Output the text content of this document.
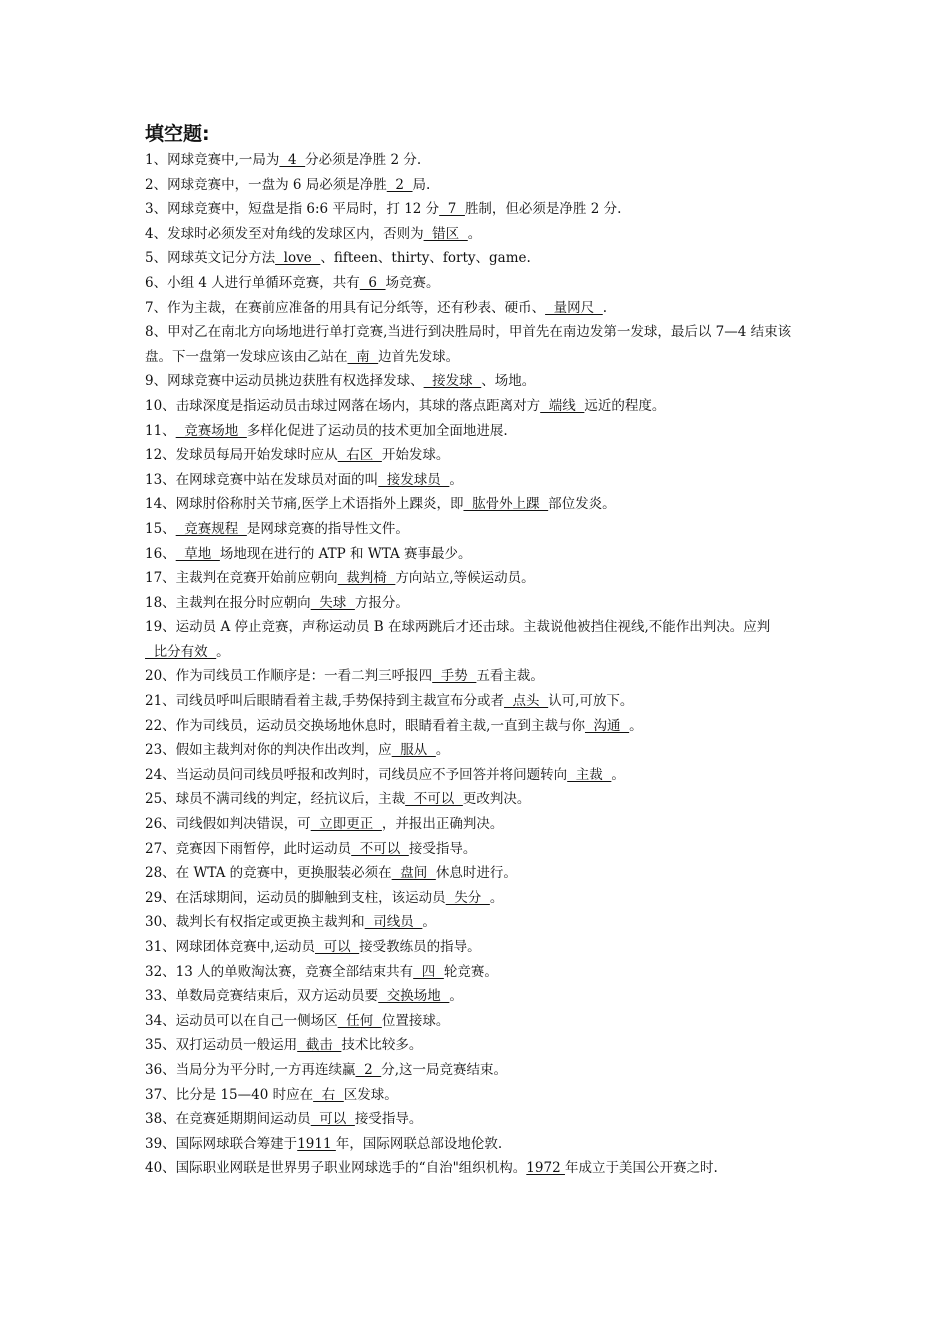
填空题:
1、网球竞赛中,一局为  4  分必须是净胜 2 分.
2、网球竞赛中，一盘为 6 局必须是净胜  2  局.
3、网球竞赛中，短盘是指 6:6 平局时，打 12 分  7  胜制，但必须是净胜 2 分.
4、发球时必须发至对角线的发球区内，否则为  错区  。
5、网球英文记分方法  love  、fifteen、thirty、forty、game.
6、小组 4 人进行单循环竞赛，共有  6  场竞赛。
7、作为主裁，在赛前应准备的用具有记分纸等，还有秒表、硬币、  量网尺  .
8、甲对乙在南北方向场地进行单打竞赛,当进行到决胜局时，甲首先在南边发第一发球，最后以 7—4 结束该盘。下一盘第一发球应该由乙站在  南  边首先发球。
9、网球竞赛中运动员挑边获胜有权选择发球、  接发球  、场地。
10、击球深度是指运动员击球过网落在场内，其球的落点距离对方  端线  远近的程度。
11、  竞赛场地  多样化促进了运动员的技术更加全面地进展.
12、发球员每局开始发球时应从  右区  开始发球。
13、在网球竞赛中站在发球员对面的叫  接发球员  。
14、网球肘俗称肘关节痛,医学上术语指外上踝炎，即  肱骨外上踝  部位发炎。
15、  竞赛规程  是网球竞赛的指导性文件。
16、  草地  场地现在进行的 ATP 和 WTA 赛事最少。
17、主裁判在竞赛开始前应朝向  裁判椅  方向站立,等候运动员。
18、主裁判在报分时应朝向  失球  方报分。
19、运动员 A 停止竞赛，声称运动员 B 在球两跳后才还击球。主裁说他被挡住视线,不能作出判决。应判  比分有效  。
20、作为司线员工作顺序是：一看二判三呼报四  手势  五看主裁。
21、司线员呼叫后眼睛看着主裁,手势保持到主裁宣布分或者  点头  认可,可放下。
22、作为司线员，运动员交换场地休息时，眼睛看着主裁,一直到主裁与你  沟通  。
23、假如主裁判对你的判决作出改判，应  服从  。
24、当运动员问司线员呼报和改判时，司线员应不予回答并将问题转向  主裁  。
25、球员不满司线的判定，经抗议后，主裁  不可以  更改判决。
26、司线假如判决错误，可  立即更正  ，并报出正确判决。
27、竞赛因下雨暂停，此时运动员  不可以  接受指导。
28、在 WTA 的竞赛中，更换服装必须在  盘间  休息时进行。
29、在活球期间，运动员的脚触到支柱，该运动员  失分  。
30、裁判长有权指定或更换主裁判和  司线员  。
31、网球团体竞赛中,运动员  可以  接受教练员的指导。
32、13 人的单败淘汰赛，竞赛全部结束共有  四  轮竞赛。
33、单数局竞赛结束后，双方运动员要  交换场地  。
34、运动员可以在自己一侧场区  任何  位置接球。
35、双打运动员一般运用  截击  技术比较多。
36、当局分为平分时,一方再连续赢  2  分,这一局竞赛结束。
37、比分是 15—40 时应在  右  区发球。
38、在竞赛延期期间运动员  可以  接受指导。
39、国际网球联合筹建于1911 年，国际网联总部设地伦敦.
40、国际职业网联是世界男子职业网球选手的“自治"组织机构。1972 年成立于美国公开赛之时.
